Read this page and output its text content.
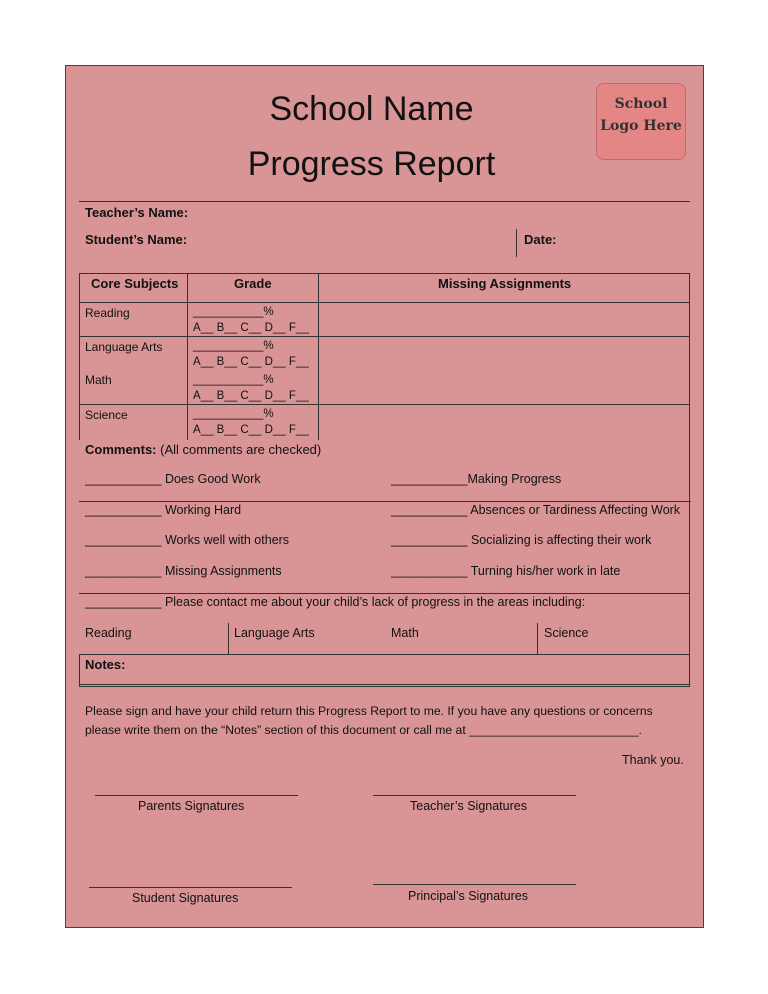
School Name
Progress Report
School
Logo Here
Teacher’s Name:
Student’s Name:	Date:
Core Subjects	Grade	Missing Assignments
Reading	___________%
A__ B__ C__ D__ F__
Language Arts	___________%
A__ B__ C__ D__ F__
Math	___________%
A__ B__ C__ D__ F__
Science	___________%
A__ B__ C__ D__ F__
Comments: (All comments are checked)
___________ Does Good Work	___________Making Progress
___________ Working Hard	___________ Absences or Tardiness Affecting Work
___________ Works well with others	___________ Socializing is affecting their work
___________ Missing Assignments	___________ Turning his/her work in late
___________ Please contact me about your child’s lack of progress in the areas including:
Reading	Language Arts	Math	Science
Notes:
Please sign and have your child return this Progress Report to me. If you have any questions or concerns
please write them on the “Notes” section of this document or call me at _________________________.
Thank you.
Parents Signatures	Teacher’s Signatures
Student Signatures	Principal’s Signatures
